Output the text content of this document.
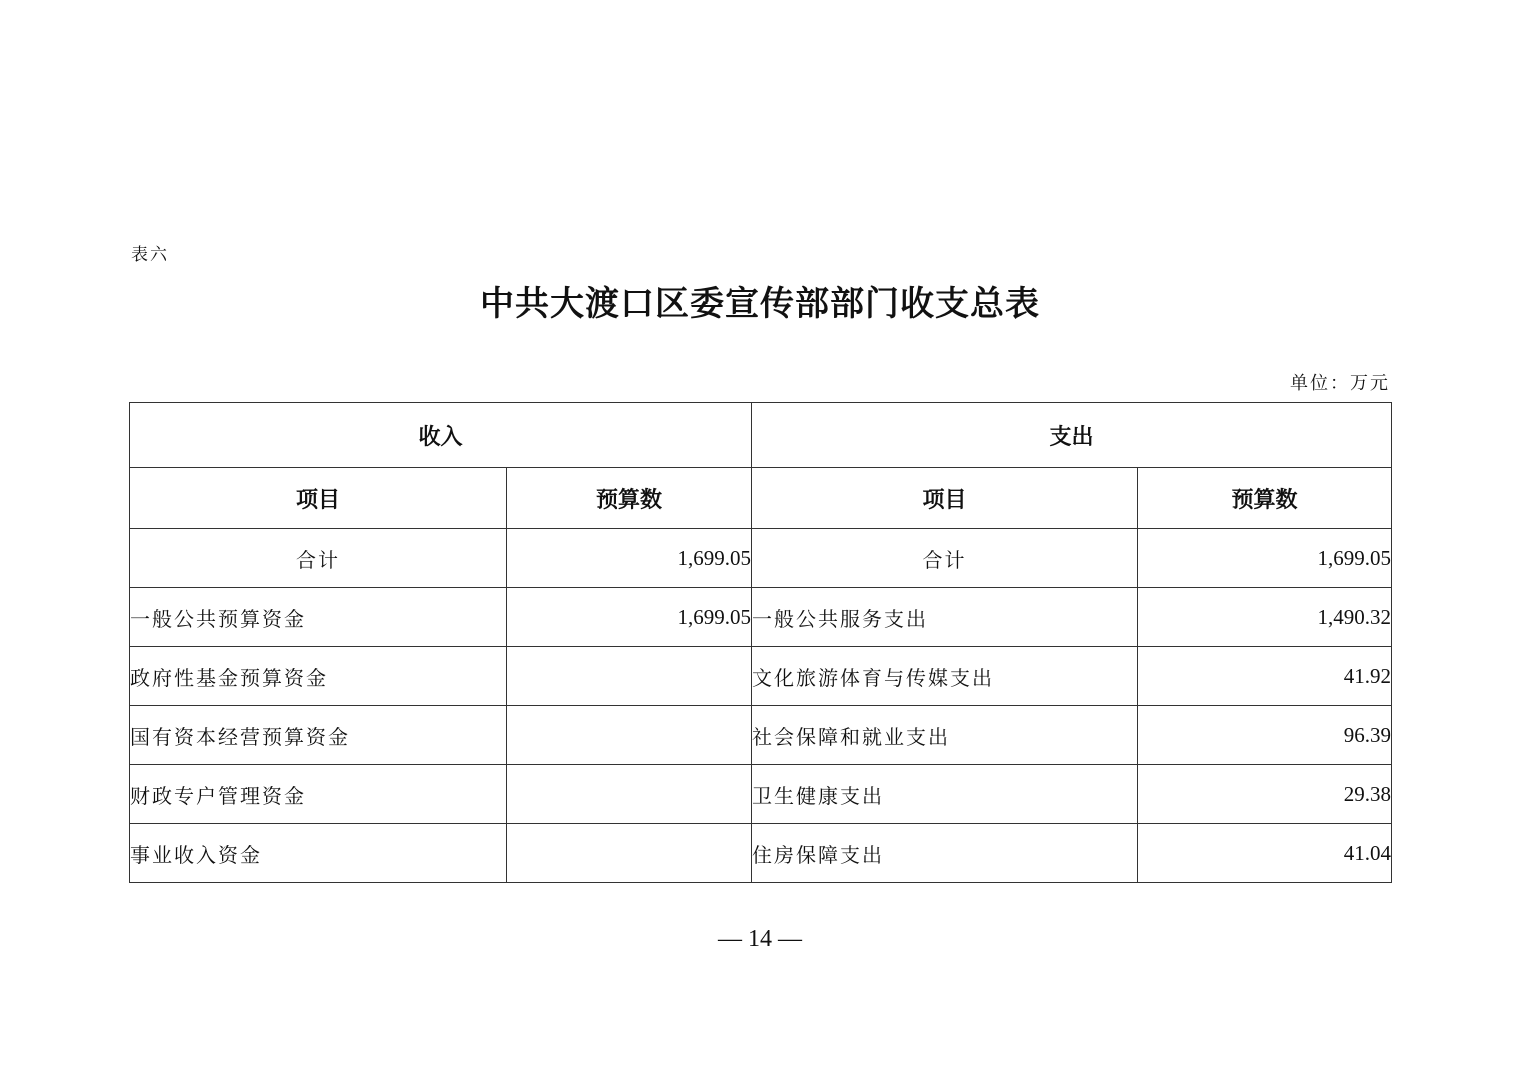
表六
中共大渡口区委宣传部部门收支总表
单位：万元
收入		支出	
项目	预算数	项目	预算数
合计	1,699.05	合计	1,699.05
一般公共预算资金	1,699.05	一般公共服务支出	1,490.32
政府性基金预算资金		文化旅游体育与传媒支出	41.92
国有资本经营预算资金		社会保障和就业支出	96.39
财政专户管理资金		卫生健康支出	29.38
事业收入资金		住房保障支出	41.04
— 14 —
